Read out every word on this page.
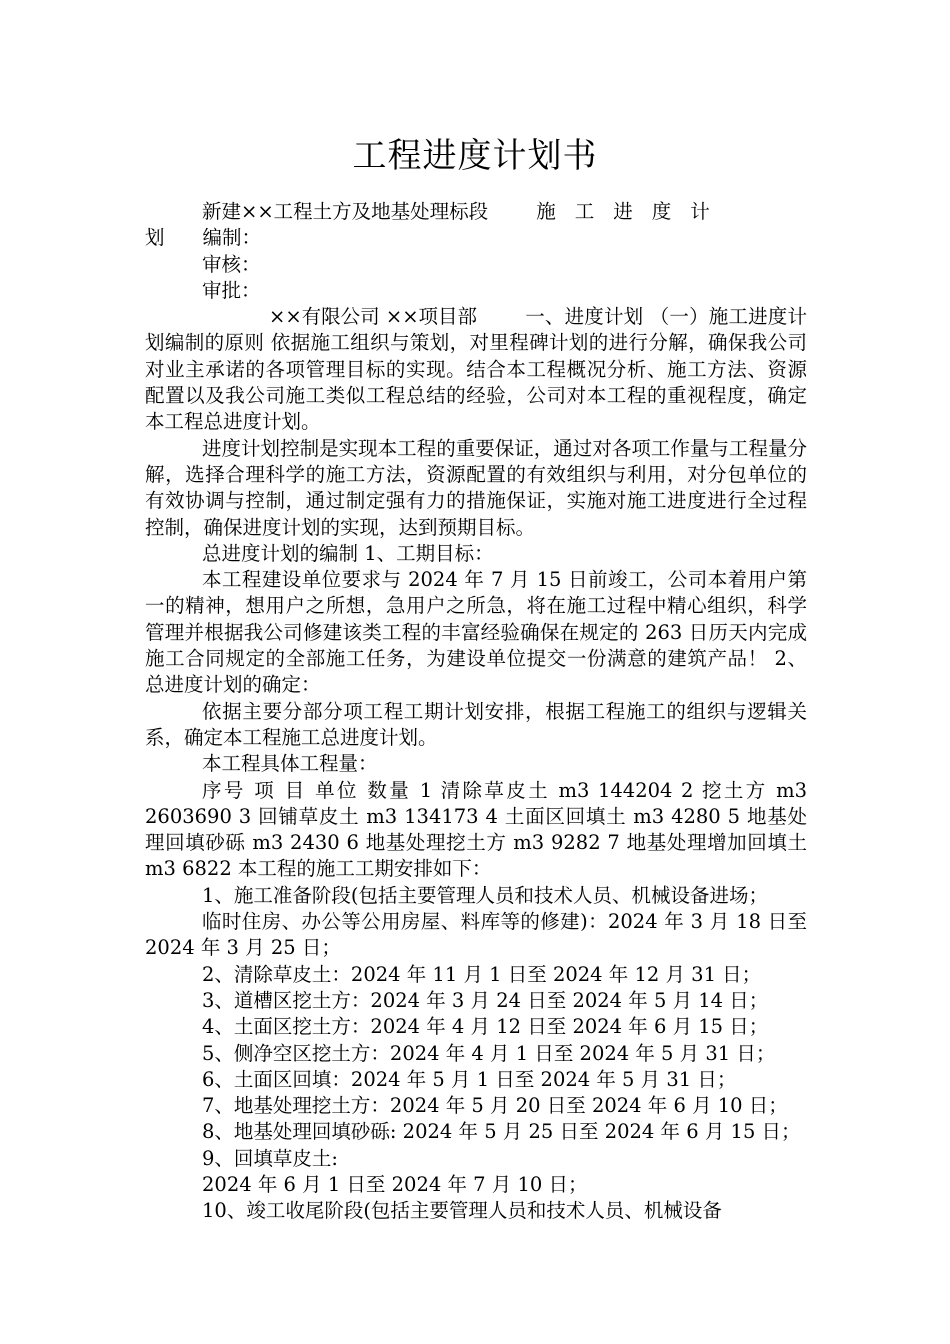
工程进度计划书

新建××工程土方及地基处理标段 施工进度计

划 编制：

审核：

审批：

××有限公司 ××项目部 一、进度计划 （一）施工进度计划编制的原则 依据施工组织与策划，对里程碑计划的进行分解，确保我公司对业主承诺的各项管理目标的实现。结合本工程概况分析、施工方法、资源配置以及我公司施工类似工程总结的经验，公司对本工程的重视程度，确定本工程总进度计划。

进度计划控制是实现本工程的重要保证，通过对各项工作量与工程量分解，选择合理科学的施工方法，资源配置的有效组织与利用，对分包单位的有效协调与控制，通过制定强有力的措施保证，实施对施工进度进行全过程控制，确保进度计划的实现，达到预期目标。

总进度计划的编制 1、工期目标：

本工程建设单位要求与 2024 年 7 月 15 日前竣工，公司本着用户第一的精神，想用户之所想，急用户之所急，将在施工过程中精心组织，科学管理并根据我公司修建该类工程的丰富经验确保在规定的 263 日历天内完成施工合同规定的全部施工任务，为建设单位提交一份满意的建筑产品！ 2、总进度计划的确定：

依据主要分部分项工程工期计划安排，根据工程施工的组织与逻辑关系，确定本工程施工总进度计划。

本工程具体工程量：

序号 项 目 单位 数量 1 清除草皮土 m3 144204 2 挖土方 m3 2603690 3 回铺草皮土 m3 134173 4 土面区回填土 m3 4280 5 地基处理回填砂砾 m3 2430 6 地基处理挖土方 m3 9282 7 地基处理增加回填土 m3 6822 本工程的施工工期安排如下：

1、施工准备阶段(包括主要管理人员和技术人员、机械设备进场；

临时住房、办公等公用房屋、料库等的修建)：2024 年 3 月 18 日至 2024 年 3 月 25 日；

2、清除草皮土：2024 年 11 月 1 日至 2024 年 12 月 31 日；

3、道槽区挖土方：2024 年 3 月 24 日至 2024 年 5 月 14 日；

4、土面区挖土方：2024 年 4 月 12 日至 2024 年 6 月 15 日；

5、侧净空区挖土方：2024 年 4 月 1 日至 2024 年 5 月 31 日；

6、土面区回填：2024 年 5 月 1 日至 2024 年 5 月 31 日；

7、地基处理挖土方：2024 年 5 月 20 日至 2024 年 6 月 10 日；

8、地基处理回填砂砾: 2024 年 5 月 25 日至 2024 年 6 月 15 日；

9、回填草皮土:

2024 年 6 月 1 日至 2024 年 7 月 10 日；

10、竣工收尾阶段(包括主要管理人员和技术人员、机械设备
